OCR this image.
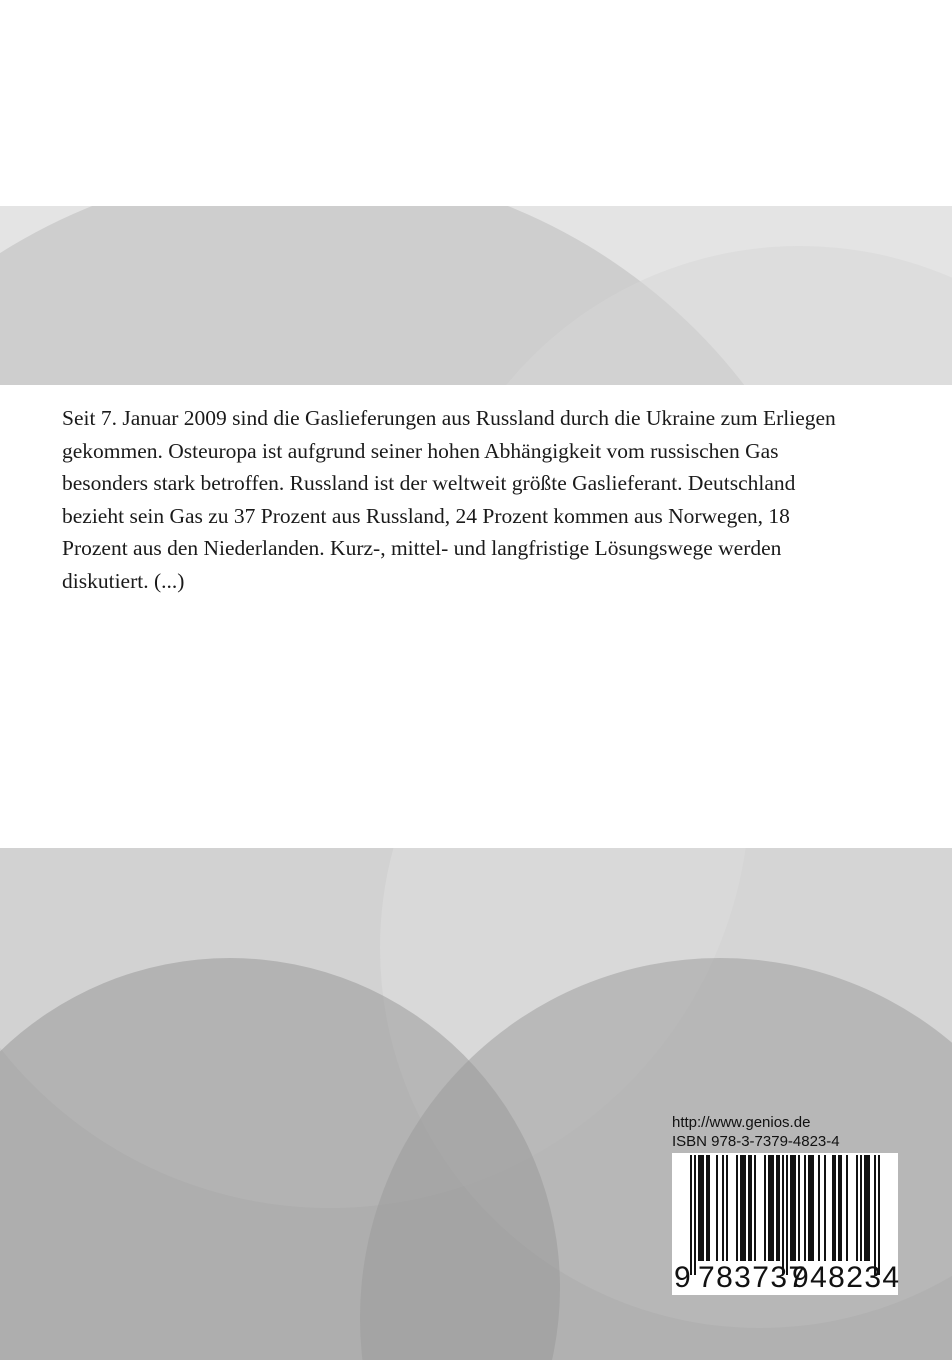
Seit 7. Januar 2009 sind die Gaslieferungen aus Russland durch die Ukraine zum Erliegen
gekommen. Osteuropa ist aufgrund seiner hohen Abhängigkeit vom russischen Gas
besonders stark betroffen. Russland ist der weltweit größte Gaslieferant. Deutschland
bezieht sein Gas zu 37 Prozent aus Russland, 24 Prozent kommen aus Norwegen, 18
Prozent aus den Niederlanden. Kurz-, mittel- und langfristige Lösungswege werden
diskutiert. (...)

http://www.genios.de
ISBN 978-3-7379-4823-4
9 783737
948234
